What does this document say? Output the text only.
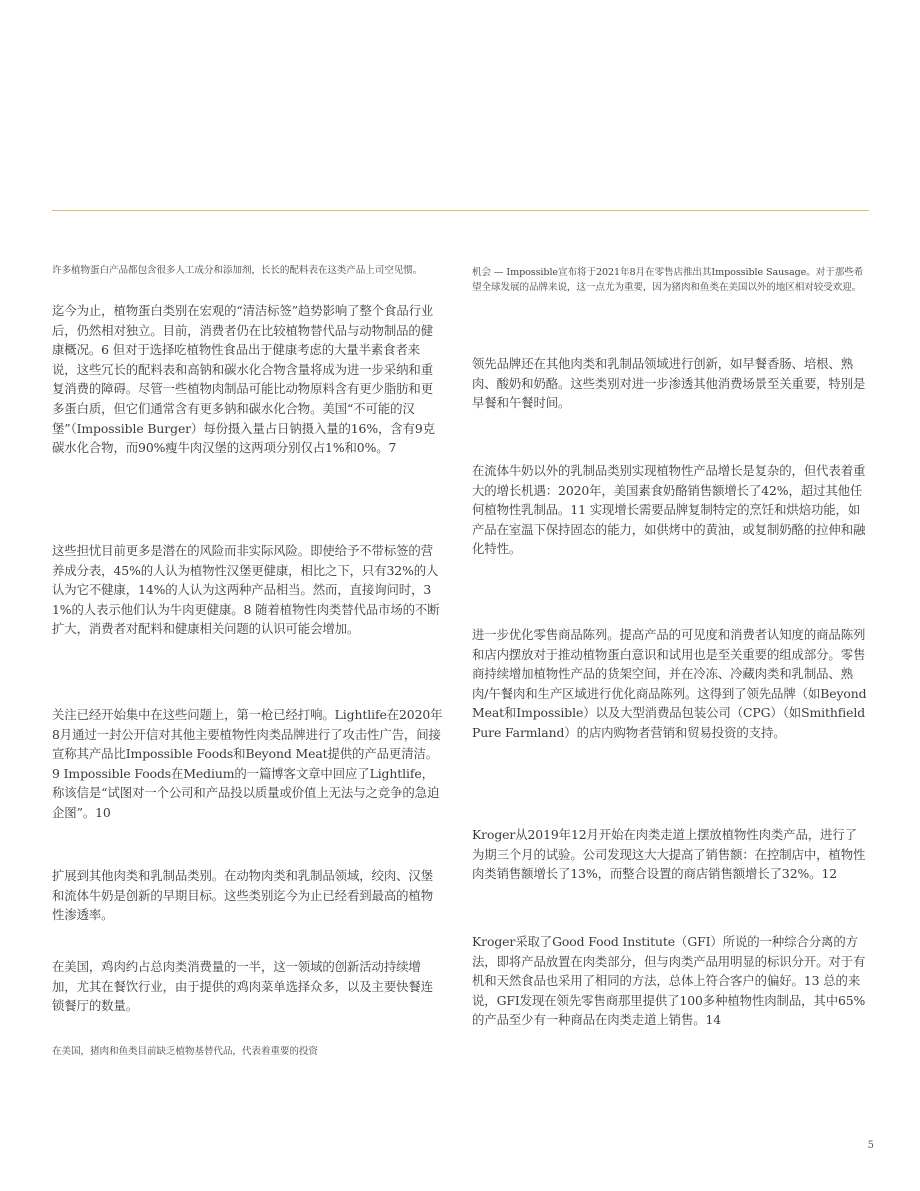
许多植物蛋白产品都包含很多人工成分和添加剂，长长的配料表在这类产品上司空见惯。

迄今为止，植物蛋白类别在宏观的“清洁标签”趋势影响了整个食品行业后，仍然相对独立。目前，消费者仍在比较植物替代品与动物制品的健康概况。6 但对于选择吃植物性食品出于健康考虑的大量半素食者来说，这些冗长的配料表和高钠和碳水化合物含量将成为进一步采纳和重复消费的障碍。尽管一些植物肉制品可能比动物原料含有更少脂肪和更多蛋白质，但它们通常含有更多钠和碳水化合物。美国“不可能的汉堡”（Impossible Burger）每份摄入量占日钠摄入量的16%，含有9克碳水化合物，而90%瘦牛肉汉堡的这两项分别仅占1%和0%。7

这些担忧目前更多是潜在的风险而非实际风险。即使给予不带标签的营养成分表，45%的人认为植物性汉堡更健康，相比之下，只有32%的人认为它不健康，14%的人认为这两种产品相当。然而，直接询问时，31%的人表示他们认为牛肉更健康。8 随着植物性肉类替代品市场的不断扩大，消费者对配料和健康相关问题的认识可能会增加。

关注已经开始集中在这些问题上，第一枪已经打响。Lightlife在2020年8月通过一封公开信对其他主要植物性肉类品牌进行了攻击性广告，间接宣称其产品比Impossible Foods和Beyond Meat提供的产品更清洁。9 Impossible Foods在Medium的一篇博客文章中回应了Lightlife，称该信是“试图对一个公司和产品投以质量或价值上无法与之竞争的急迫企图”。10

扩展到其他肉类和乳制品类别。在动物肉类和乳制品领域，绞肉、汉堡和流体牛奶是创新的早期目标。这些类别迄今为止已经看到最高的植物性渗透率。

在美国，鸡肉约占总肉类消费量的一半，这一领域的创新活动持续增加，尤其在餐饮行业，由于提供的鸡肉菜单选择众多，以及主要快餐连锁餐厅的数量。

在美国，猪肉和鱼类目前缺乏植物基替代品，代表着重要的投资

机会 — Impossible宣布将于2021年8月在零售店推出其Impossible Sausage。对于那些希望全球发展的品牌来说，这一点尤为重要，因为猪肉和鱼类在美国以外的地区相对较受欢迎。

领先品牌还在其他肉类和乳制品领域进行创新，如早餐香肠、培根、熟肉、酸奶和奶酪。这些类别对进一步渗透其他消费场景至关重要，特别是早餐和午餐时间。

在流体牛奶以外的乳制品类别实现植物性产品增长是复杂的，但代表着重大的增长机遇：2020年，美国素食奶酪销售额增长了42%，超过其他任何植物性乳制品。11 实现增长需要品牌复制特定的烹饪和烘焙功能，如产品在室温下保持固态的能力，如供烤中的黄油，或复制奶酪的拉伸和融化特性。

进一步优化零售商品陈列。提高产品的可见度和消费者认知度的商品陈列和店内摆放对于推动植物蛋白意识和试用也是至关重要的组成部分。零售商持续增加植物性产品的货架空间，并在冷冻、冷藏肉类和乳制品、熟肉/午餐肉和生产区域进行优化商品陈列。这得到了领先品牌（如Beyond Meat和Impossible）以及大型消费品包装公司（CPG）（如Smithfield Pure Farmland）的店内购物者营销和贸易投资的支持。

Kroger从2019年12月开始在肉类走道上摆放植物性肉类产品，进行了为期三个月的试验。公司发现这大大提高了销售额：在控制店中，植物性肉类销售额增长了13%，而整合设置的商店销售额增长了32%。12

Kroger采取了Good Food Institute（GFI）所说的一种综合分离的方法，即将产品放置在肉类部分，但与肉类产品用明显的标识分开。对于有机和天然食品也采用了相同的方法，总体上符合客户的偏好。13 总的来说，GFI发现在领先零售商那里提供了100多种植物性肉制品，其中65%的产品至少有一种商品在肉类走道上销售。14

5
